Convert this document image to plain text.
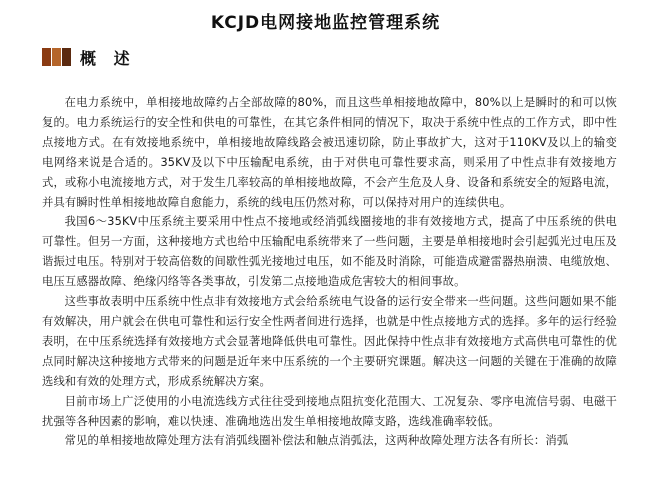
KCJD电网接地监控管理系统
概 述

在电力系统中，单相接地故障约占全部故障的80%，而且这些单相接地故障中，80%以上是瞬时的和可以恢复的。电力系统运行的安全性和供电的可靠性，在其它条件相同的情况下，取决于系统中性点的工作方式，即中性点接地方式。在有效接地系统中，单相接地故障线路会被迅速切除，防止事故扩大，这对于110KV及以上的输变电网络来说是合适的。35KV及以下中压输配电系统，由于对供电可靠性要求高，则采用了中性点非有效接地方式，或称小电流接地方式，对于发生几率较高的单相接地故障，不会产生危及人身、设备和系统安全的短路电流，并具有瞬时性单相接地故障自愈能力，系统的线电压仍然对称，可以保持对用户的连续供电。

我国6～35KV中压系统主要采用中性点不接地或经消弧线圈接地的非有效接地方式，提高了中压系统的供电可靠性。但另一方面，这种接地方式也给中压输配电系统带来了一些问题，主要是单相接地时会引起弧光过电压及谐振过电压。特别对于较高倍数的间歇性弧光接地过电压，如不能及时消除，可能造成避雷器热崩溃、电缆放炮、电压互感器故障、绝缘闪络等各类事故，引发第二点接地造成危害较大的相间事故。

这些事故表明中压系统中性点非有效接地方式会给系统电气设备的运行安全带来一些问题。这些问题如果不能有效解决，用户就会在供电可靠性和运行安全性两者间进行选择，也就是中性点接地方式的选择。多年的运行经验表明，在中压系统选择有效接地方式会显著地降低供电可靠性。因此保持中性点非有效接地方式高供电可靠性的优点同时解决这种接地方式带来的问题是近年来中压系统的一个主要研究课题。解决这一问题的关键在于准确的故障选线和有效的处理方式，形成系统解决方案。

目前市场上广泛使用的小电流选线方式往往受到接地点阻抗变化范围大、工况复杂、零序电流信号弱、电磁干扰强等各种因素的影响，难以快速、准确地选出发生单相接地故障支路，选线准确率较低。

常见的单相接地故障处理方法有消弧线圈补偿法和触点消弧法，这两种故障处理方法各有所长：消弧
